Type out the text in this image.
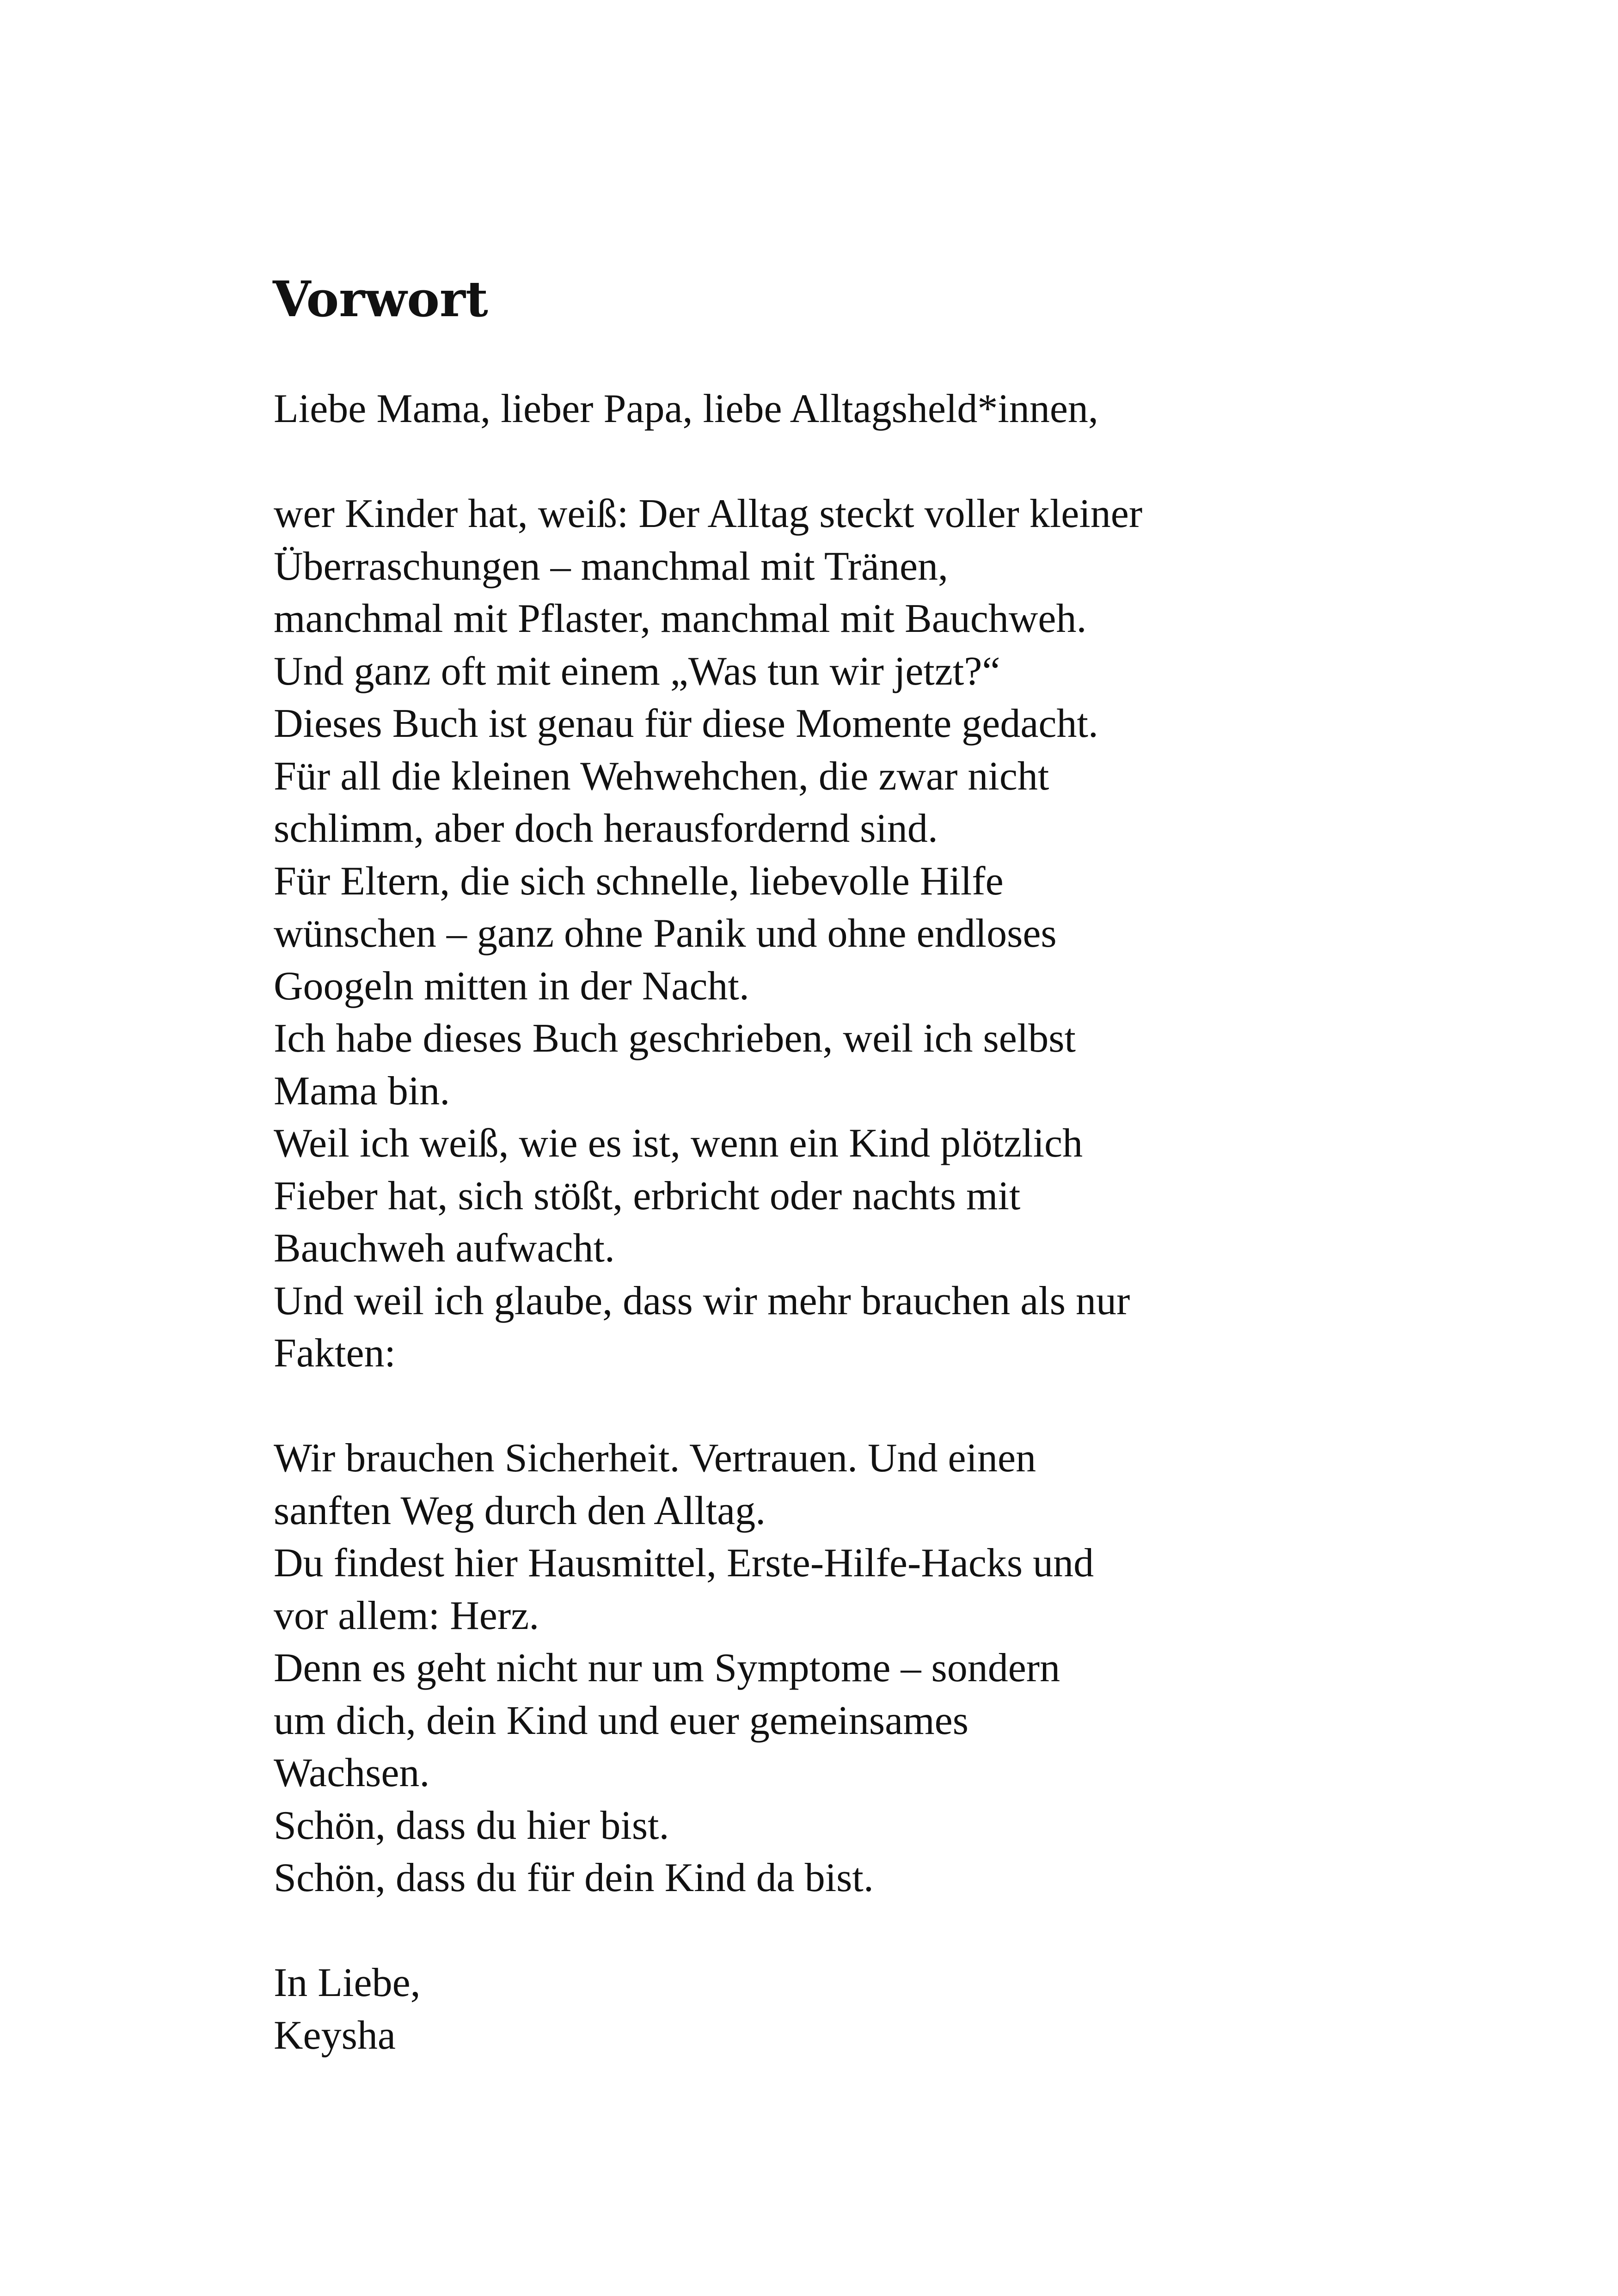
Vorwort
Liebe Mama, lieber Papa, liebe Alltagsheld*innen,
wer Kinder hat, weiß: Der Alltag steckt voller kleiner
Überraschungen – manchmal mit Tränen,
manchmal mit Pflaster, manchmal mit Bauchweh.
Und ganz oft mit einem „Was tun wir jetzt?“
Dieses Buch ist genau für diese Momente gedacht.
Für all die kleinen Wehwehchen, die zwar nicht
schlimm, aber doch herausfordernd sind.
Für Eltern, die sich schnelle, liebevolle Hilfe
wünschen – ganz ohne Panik und ohne endloses
Googeln mitten in der Nacht.
Ich habe dieses Buch geschrieben, weil ich selbst
Mama bin.
Weil ich weiß, wie es ist, wenn ein Kind plötzlich
Fieber hat, sich stößt, erbricht oder nachts mit
Bauchweh aufwacht.
Und weil ich glaube, dass wir mehr brauchen als nur
Fakten:
Wir brauchen Sicherheit. Vertrauen. Und einen
sanften Weg durch den Alltag.
Du findest hier Hausmittel, Erste-Hilfe-Hacks und
vor allem: Herz.
Denn es geht nicht nur um Symptome – sondern
um dich, dein Kind und euer gemeinsames
Wachsen.
Schön, dass du hier bist.
Schön, dass du für dein Kind da bist.
In Liebe,
Keysha
